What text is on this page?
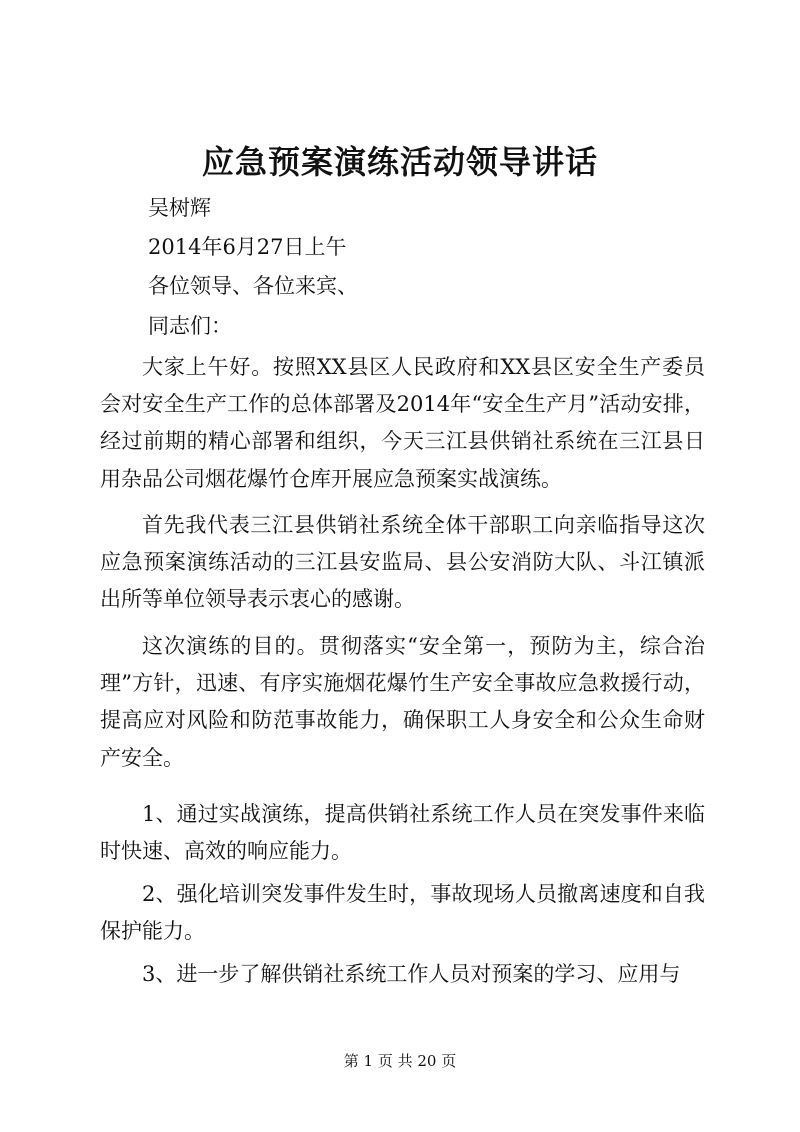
应急预案演练活动领导讲话
吴树辉
2014年6月27日上午
各位领导、各位来宾、
同志们：
大家上午好。按照XX县区人民政府和XX县区安全生产委员会对安全生产工作的总体部署及2014年“安全生产月”活动安排，经过前期的精心部署和组织，今天三江县供销社系统在三江县日用杂品公司烟花爆竹仓库开展应急预案实战演练。
首先我代表三江县供销社系统全体干部职工向亲临指导这次应急预案演练活动的三江县安监局、县公安消防大队、斗江镇派出所等单位领导表示衷心的感谢。
这次演练的目的。贯彻落实“安全第一，预防为主，综合治理”方针，迅速、有序实施烟花爆竹生产安全事故应急救援行动，提高应对风险和防范事故能力，确保职工人身安全和公众生命财产安全。
1、通过实战演练，提高供销社系统工作人员在突发事件来临时快速、高效的响应能力。
2、强化培训突发事件发生时，事故现场人员撤离速度和自我保护能力。
3、进一步了解供销社系统工作人员对预案的学习、应用与
第 1 页 共 20 页
